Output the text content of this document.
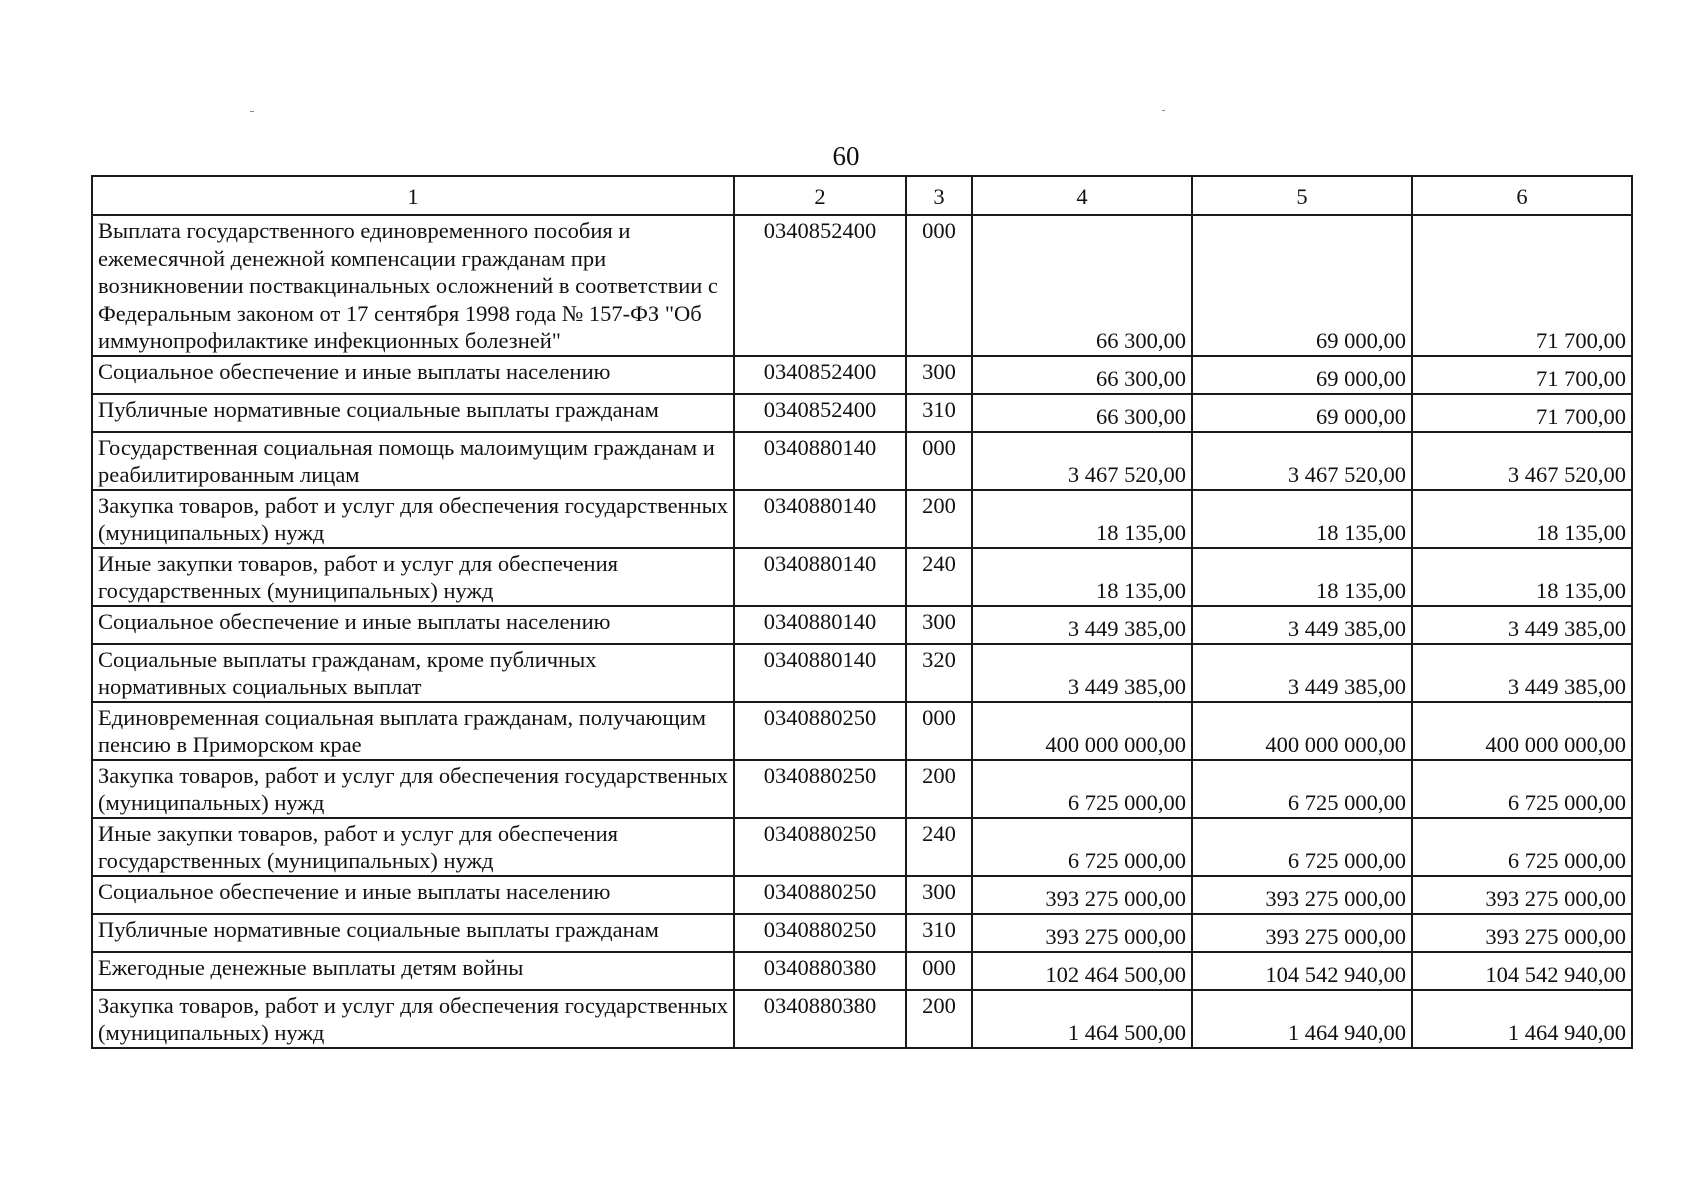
60
1	2	3	4	5	6
Выплата государственного единовременного пособия и ежемесячной денежной компенсации гражданам при возникновении поствакцинальных осложнений в соответствии с Федеральным законом от 17 сентября 1998 года № 157-ФЗ "Об иммунопрофилактике инфекционных болезней"	0340852400	000	66 300,00	69 000,00	71 700,00
Социальное обеспечение и иные выплаты населению	0340852400	300	66 300,00	69 000,00	71 700,00
Публичные нормативные социальные выплаты гражданам	0340852400	310	66 300,00	69 000,00	71 700,00
Государственная социальная помощь малоимущим гражданам и реабилитированным лицам	0340880140	000	3 467 520,00	3 467 520,00	3 467 520,00
Закупка товаров, работ и услуг для обеспечения государственных (муниципальных) нужд	0340880140	200	18 135,00	18 135,00	18 135,00
Иные закупки товаров, работ и услуг для обеспечения государственных (муниципальных) нужд	0340880140	240	18 135,00	18 135,00	18 135,00
Социальное обеспечение и иные выплаты населению	0340880140	300	3 449 385,00	3 449 385,00	3 449 385,00
Социальные выплаты гражданам, кроме публичных нормативных социальных выплат	0340880140	320	3 449 385,00	3 449 385,00	3 449 385,00
Единовременная социальная выплата гражданам, получающим пенсию в Приморском крае	0340880250	000	400 000 000,00	400 000 000,00	400 000 000,00
Закупка товаров, работ и услуг для обеспечения государственных (муниципальных) нужд	0340880250	200	6 725 000,00	6 725 000,00	6 725 000,00
Иные закупки товаров, работ и услуг для обеспечения государственных (муниципальных) нужд	0340880250	240	6 725 000,00	6 725 000,00	6 725 000,00
Социальное обеспечение и иные выплаты населению	0340880250	300	393 275 000,00	393 275 000,00	393 275 000,00
Публичные нормативные социальные выплаты гражданам	0340880250	310	393 275 000,00	393 275 000,00	393 275 000,00
Ежегодные денежные выплаты детям войны	0340880380	000	102 464 500,00	104 542 940,00	104 542 940,00
Закупка товаров, работ и услуг для обеспечения государственных (муниципальных) нужд	0340880380	200	1 464 500,00	1 464 940,00	1 464 940,00
